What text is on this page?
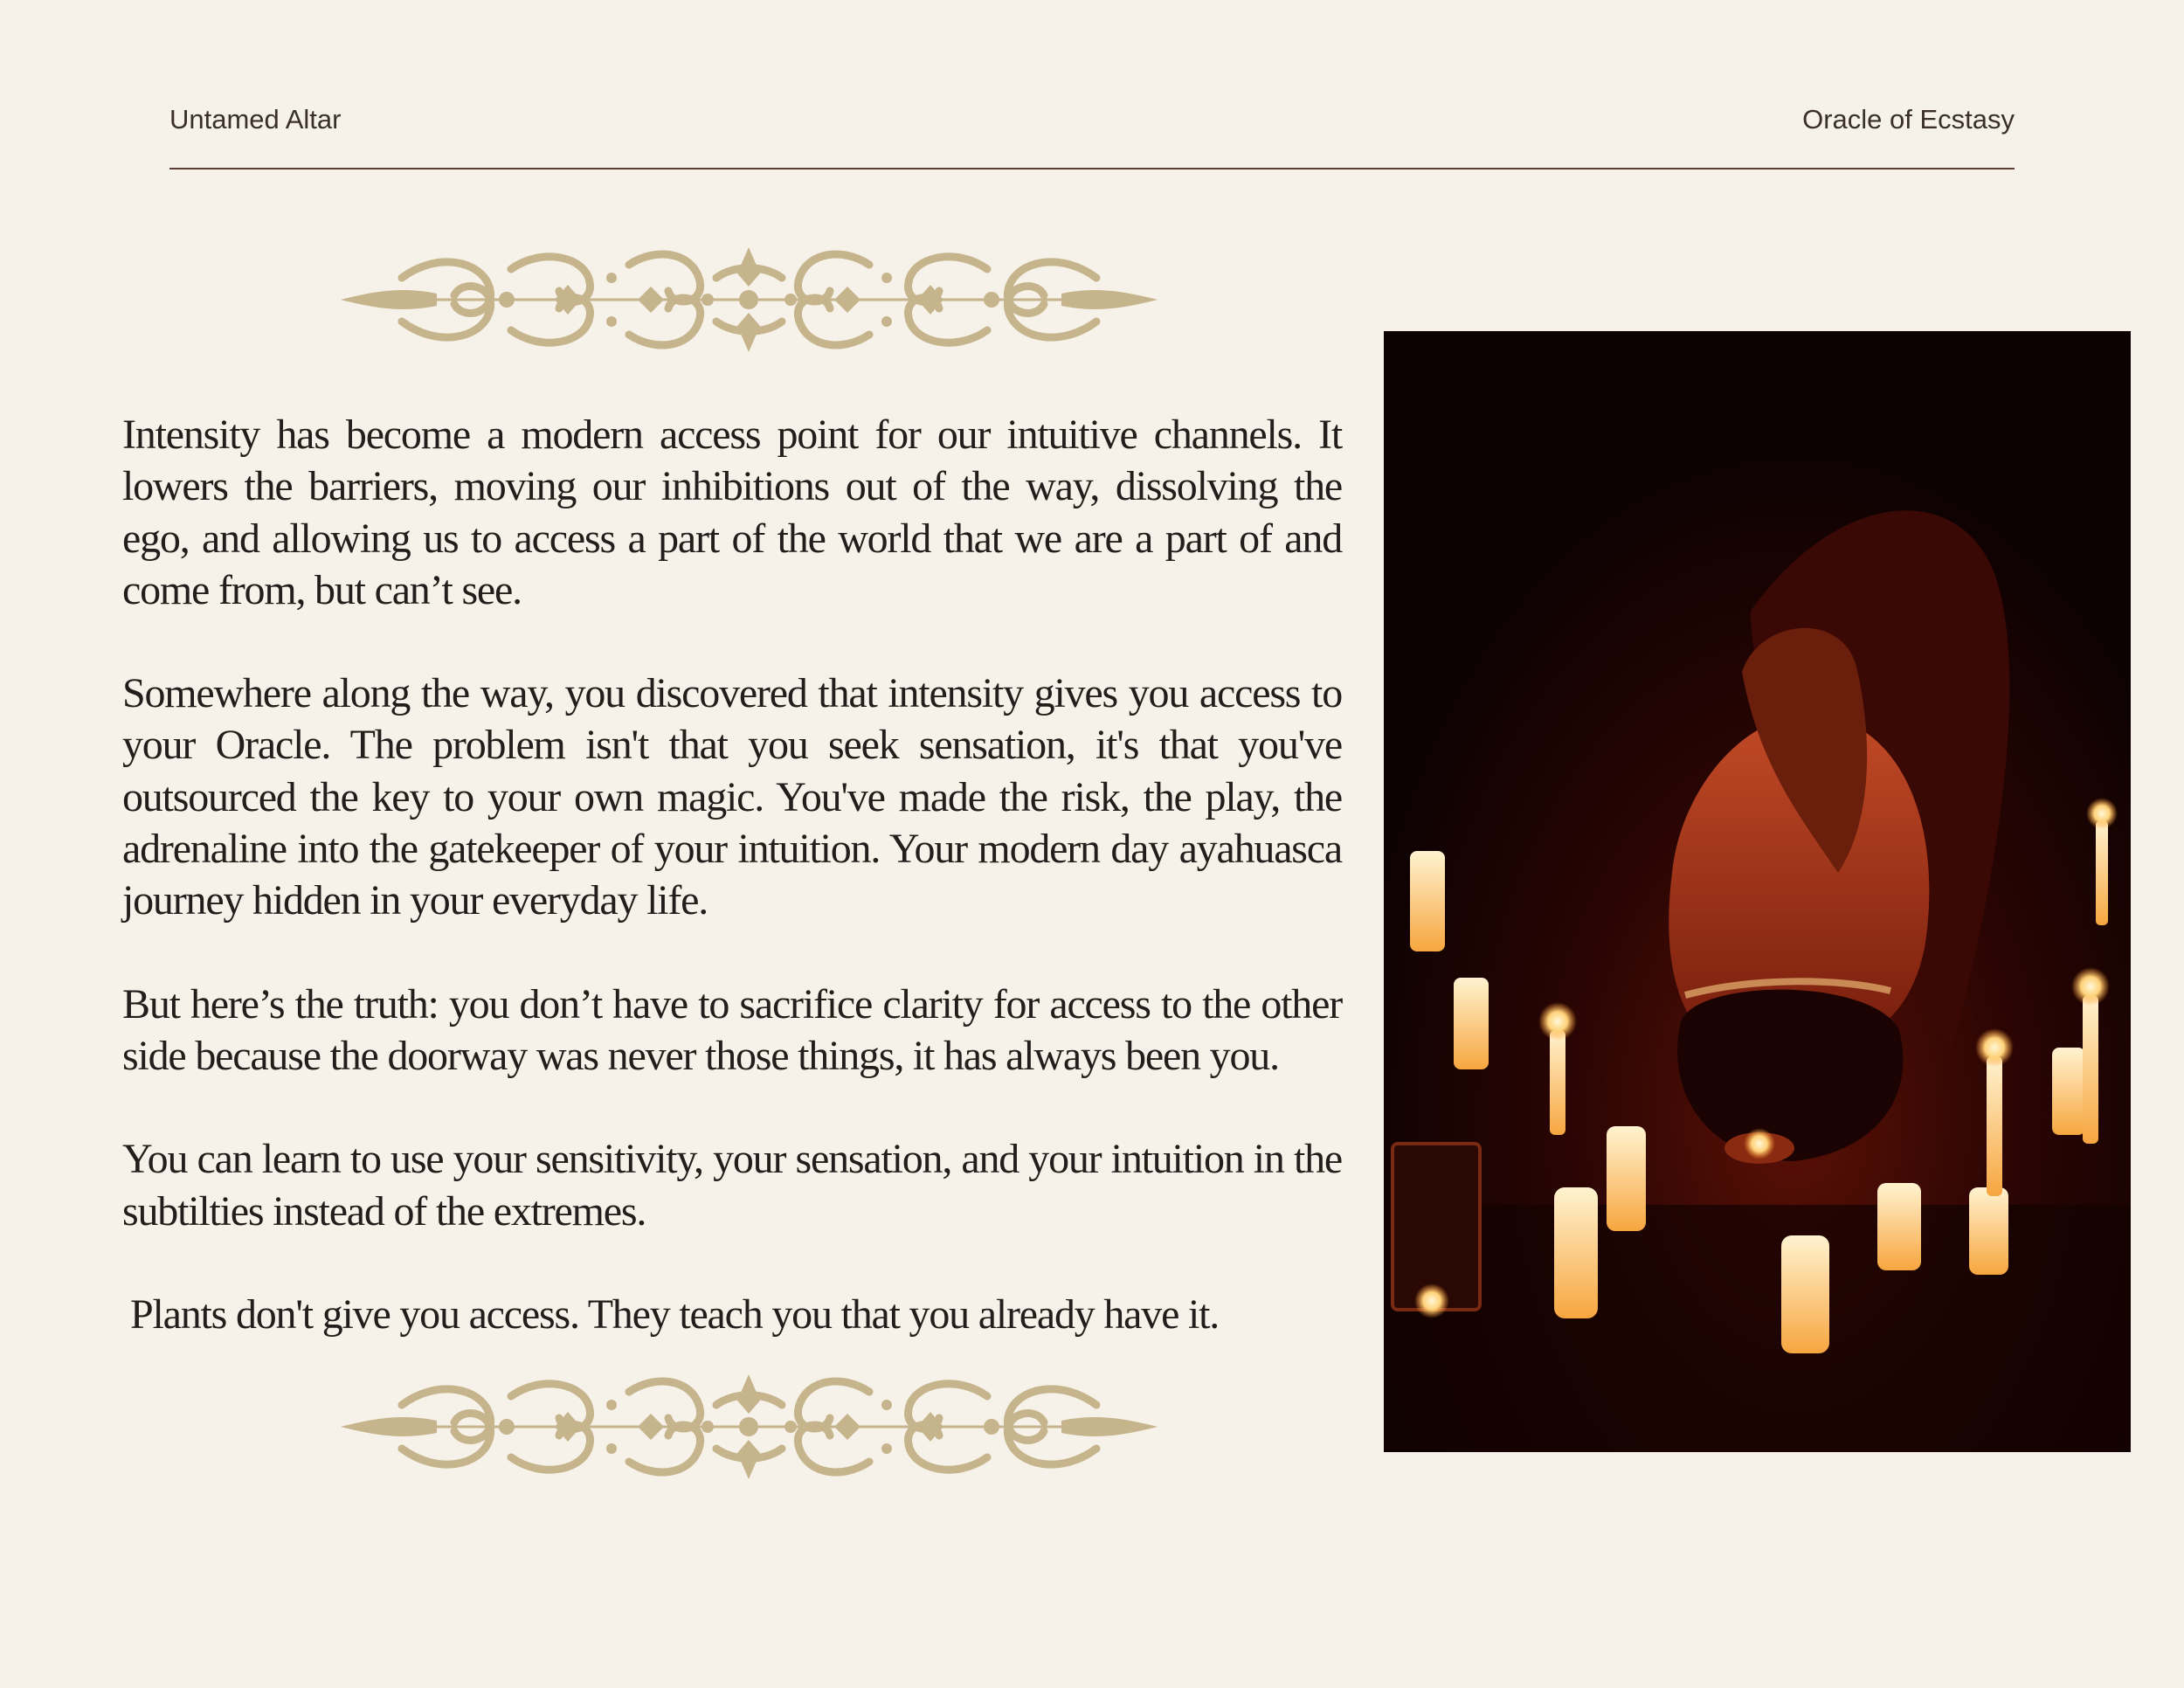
Untamed Altar	Oracle of Ecstasy

Intensity has become a modern access point for our intuitive channels. It lowers the barriers, moving our inhibitions out of the way, dissolving the ego, and allowing us to access a part of the world that we are a part of and come from, but can’t see.

Somewhere along the way, you discovered that intensity gives you access to your Oracle. The problem isn't that you seek sensation, it's that you've outsourced the key to your own magic. You've made the risk, the play, the adrenaline into the gatekeeper of your intuition. Your modern day ayahuasca journey hidden in your everyday life.

But here’s the truth: you don’t have to sacrifice clarity for access to the other side because the doorway was never those things, it has always been you.

You can learn to use your sensitivity, your sensation, and your intuition in the subtilties instead of the extremes.

Plants don't give you access. They teach you that you already have it.
